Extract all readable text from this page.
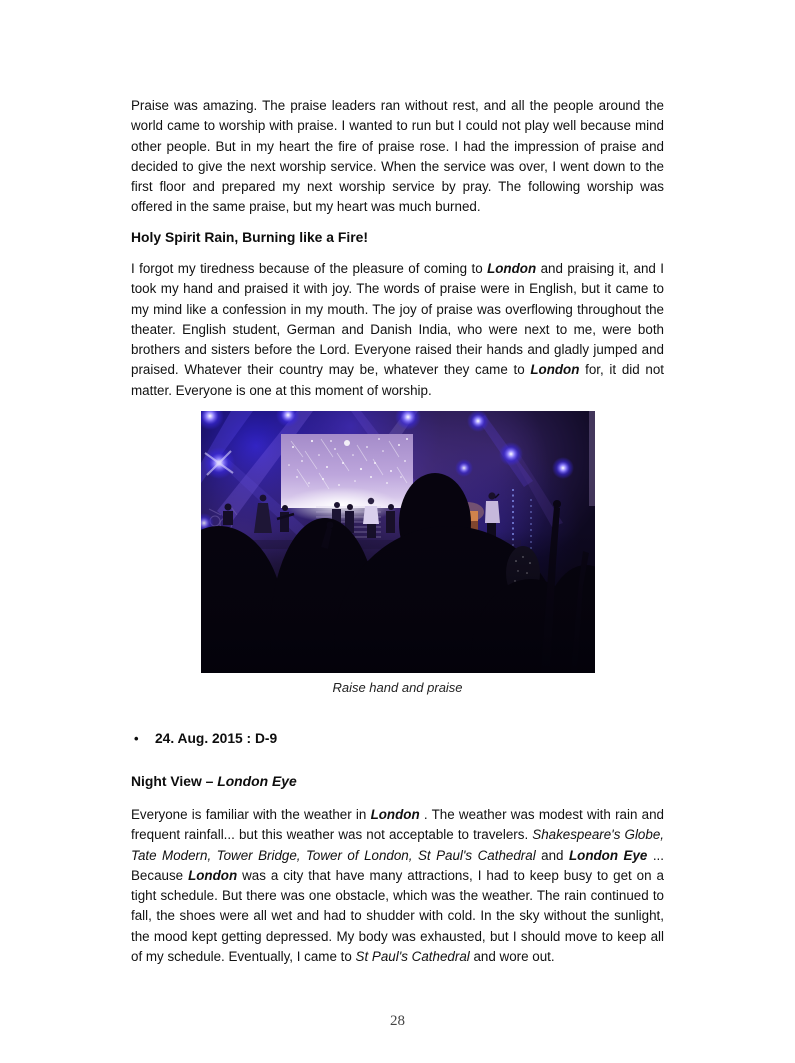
Praise was amazing. The praise leaders ran without rest, and all the people around the world came to worship with praise. I wanted to run but I could not play well because mind other people. But in my heart the fire of praise rose. I had the impression of praise and decided to give the next worship service. When the service was over, I went down to the first floor and prepared my next worship service by pray. The following worship was offered in the same praise, but my heart was much burned.

Holy Spirit Rain, Burning like a Fire!

I forgot my tiredness because of the pleasure of coming to London and praising it, and I took my hand and praised it with joy. The words of praise were in English, but it came to my mind like a confession in my mouth. The joy of praise was overflowing throughout the theater. English student, German and Danish India, who were next to me, were both brothers and sisters before the Lord. Everyone raised their hands and gladly jumped and praised. Whatever their country may be, whatever they came to London for, it did not matter. Everyone is one at this moment of worship.

Raise hand and praise
•	24. Aug. 2015 : D-9
Night View – London Eye

Everyone is familiar with the weather in London . The weather was modest with rain and frequent rainfall... but this weather was not acceptable to travelers. Shakespeare's Globe, Tate Modern, Tower Bridge, Tower of London, St Paul's Cathedral and London Eye ... Because London was a city that have many attractions, I had to keep busy to get on a tight schedule. But there was one obstacle, which was the weather. The rain continued to fall, the shoes were all wet and had to shudder with cold. In the sky without the sunlight, the mood kept getting depressed. My body was exhausted, but I should move to keep all of my schedule. Eventually, I came to St Paul's Cathedral and wore out.

28
